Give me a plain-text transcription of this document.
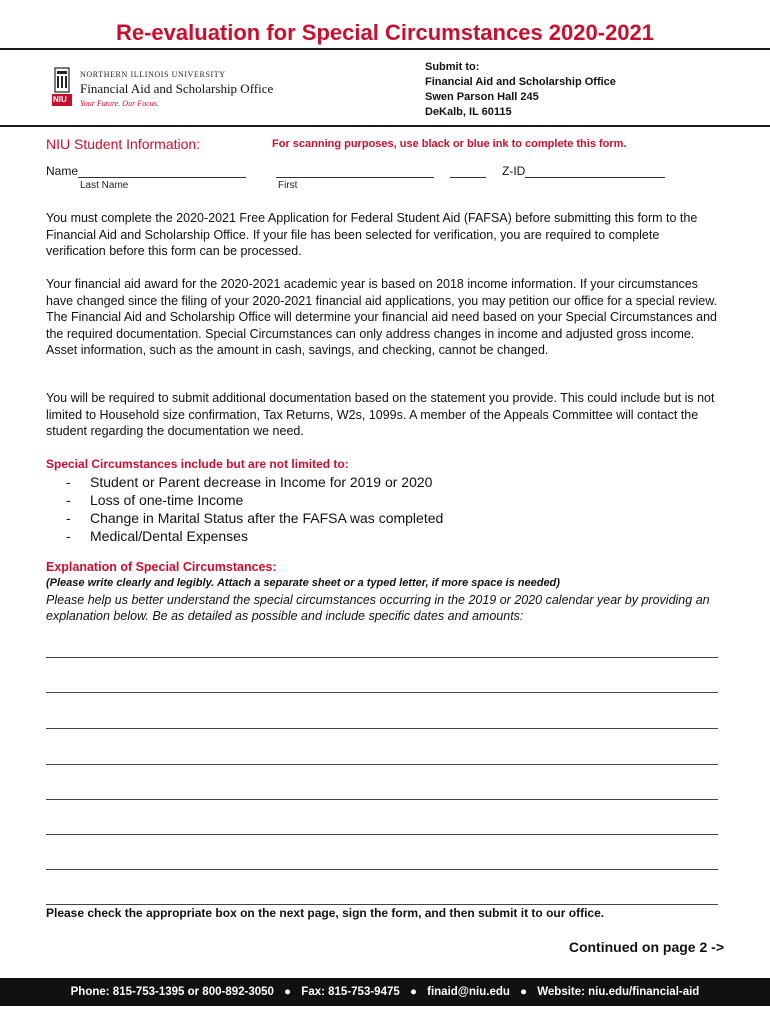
Re-evaluation for Special Circumstances 2020-2021
NIU
NORTHERN ILLINOIS UNIVERSITY
Financial Aid and Scholarship Office
Your Future. Our Focus.
Submit to:
Financial Aid and Scholarship Office
Swen Parson Hall 245
DeKalb, IL 60115
NIU Student Information:	For scanning purposes, use black or blue ink to complete this form.
Name	Z-ID
Last Name	First

You must complete the 2020-2021 Free Application for Federal Student Aid (FAFSA) before submitting this form to the Financial Aid and Scholarship Office. If your file has been selected for verification, you are required to complete verification before this form can be processed.

Your financial aid award for the 2020-2021 academic year is based on 2018 income information. If your circumstances have changed since the filing of your 2020-2021 financial aid applications, you may petition our office for a special review. The Financial Aid and Scholarship Office will determine your financial aid need based on your Special Circumstances and the required documentation. Special Circumstances can only address changes in income and adjusted gross income. Asset information, such as the amount in cash, savings, and checking, cannot be changed.

You will be required to submit additional documentation based on the statement you provide. This could include but is not limited to Household size confirmation, Tax Returns, W2s, 1099s. A member of the Appeals Committee will contact the student regarding the documentation we need.

Special Circumstances include but are not limited to:
- Student or Parent decrease in Income for 2019 or 2020
- Loss of one-time Income
- Change in Marital Status after the FAFSA was completed
- Medical/Dental Expenses
Explanation of Special Circumstances:
(Please write clearly and legibly. Attach a separate sheet or a typed letter, if more space is needed)

Please help us better understand the special circumstances occurring in the 2019 or 2020 calendar year by providing an explanation below. Be as detailed as possible and include specific dates and amounts:

Please check the appropriate box on the next page, sign the form, and then submit it to our office.
Continued on page 2 ->
Phone: 815-753-1395 or 800-892-3050 ● Fax: 815-753-9475 ● finaid@niu.edu ● Website: niu.edu/financial-aid
